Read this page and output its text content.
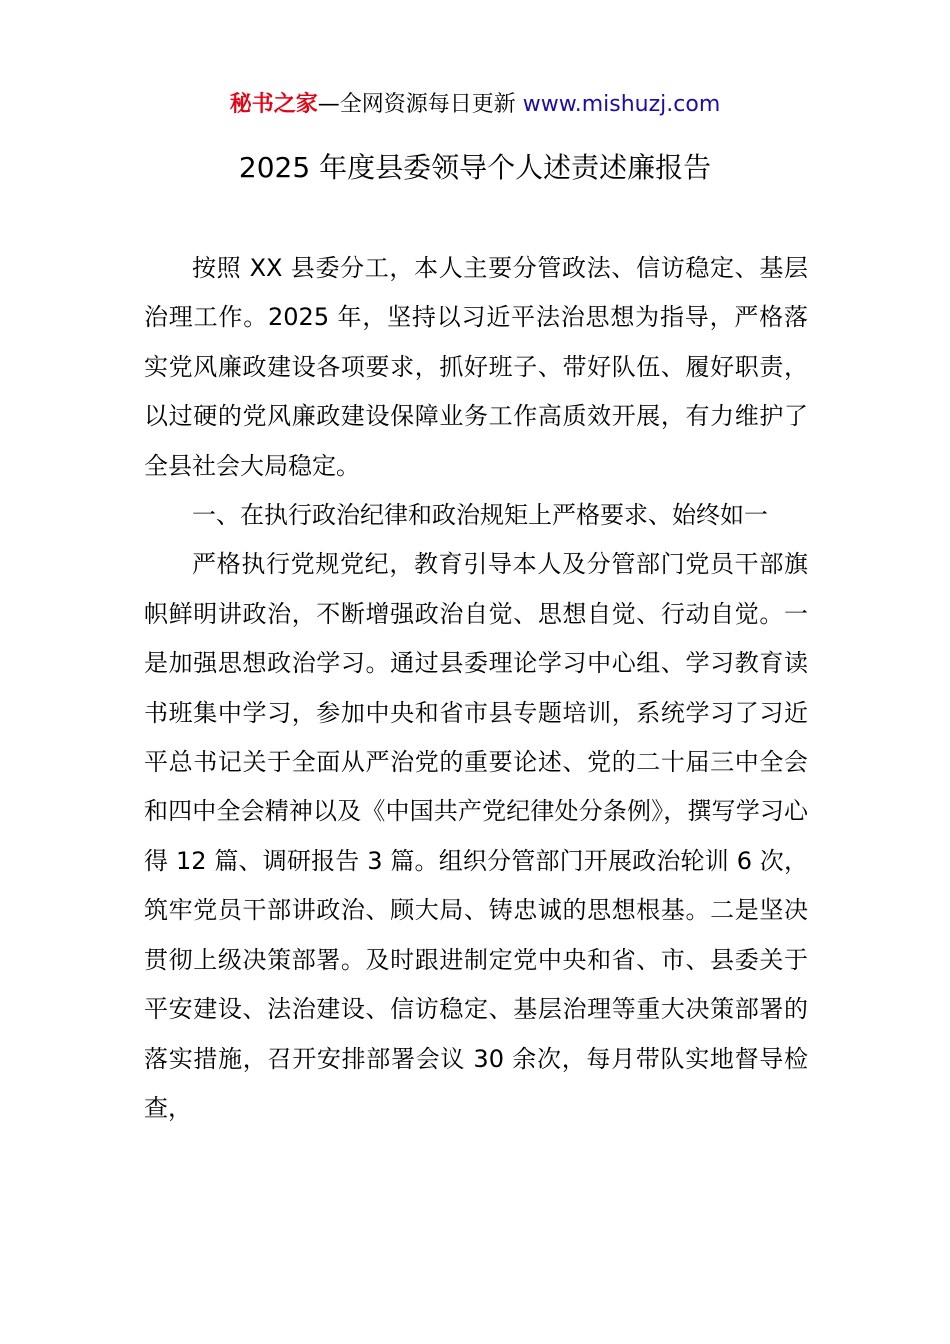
秘书之家—全网资源每日更新 www.mishuzj.com
2025 年度县委领导个人述责述廉报告

按照 XX 县委分工，本人主要分管政法、信访稳定、基层治理工作。2025 年，坚持以习近平法治思想为指导，严格落实党风廉政建设各项要求，抓好班子、带好队伍、履好职责，以过硬的党风廉政建设保障业务工作高质效开展，有力维护了全县社会大局稳定。

一、在执行政治纪律和政治规矩上严格要求、始终如一

严格执行党规党纪，教育引导本人及分管部门党员干部旗帜鲜明讲政治，不断增强政治自觉、思想自觉、行动自觉。一是加强思想政治学习。通过县委理论学习中心组、学习教育读书班集中学习，参加中央和省市县专题培训，系统学习了习近平总书记关于全面从严治党的重要论述、党的二十届三中全会和四中全会精神以及《中国共产党纪律处分条例》，撰写学习心得 12 篇、调研报告 3 篇。组织分管部门开展政治轮训 6 次，筑牢党员干部讲政治、顾大局、铸忠诚的思想根基。二是坚决贯彻上级决策部署。及时跟进制定党中央和省、市、县委关于平安建设、法治建设、信访稳定、基层治理等重大决策部署的落实措施，召开安排部署会议 30 余次，每月带队实地督导检查，
